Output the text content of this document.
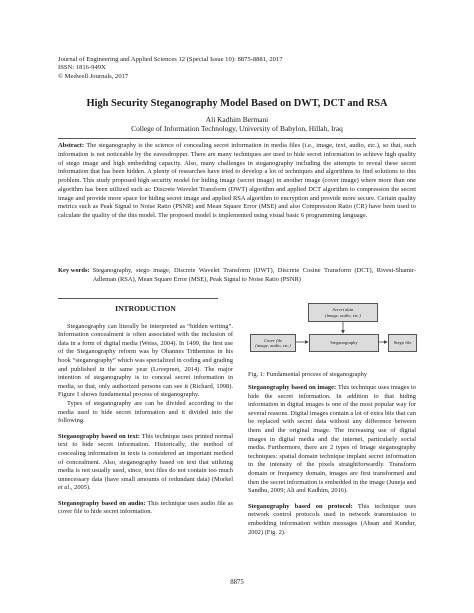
Journal of Engineering and Applied Sciences 12 (Special Issue 10): 8875-8881, 2017
ISSN: 1816-949X
© Medwell Journals, 2017
High Security Steganography Model Based on DWT, DCT and RSA
Ali Kadhim Bermani
College of Information Technology, University of Babylon, Hillah, Iraq
Abstract: The steganography is the science of concealing secret information in media files (i.e., image, text, audio, etc.), so that, such information is not noticeable by the eavesdropper. There are many techniques are used to hide secret information to achieve high quality of stego image and high embedding capacity. Also, many challenges in steganography including the attempts to reveal these secret information that has been hidden. A plenty of researches have tried to develop a lot of techniques and algorithms to find solutions to this problem. This study proposed high security model for hiding image (secret image) in another image (cover image) where more than one algorithm has been utilized such as: Discrete Wavelet Transform (DWT) algorithm and applied DCT algorithm to compression the secret image and provide more space for hiding secret image and applied RSA algorithm to encryption and provide more secure. Certain quality metrics such as Peak Signal to Noise Ratio (PSNR) and Mean Square Error (MSE) and also Compression Ratio (CR) have been used to calculate the quality of the this model. The proposed model is implemented using visual basic 6 programming language.
Key words: Steganography, stego image, Discrete Wavelet Transform (DWT), Discrete Cosine Transform (DCT), Rivest-Shamir-Adleman (RSA), Mean Square Error (MSE), Peak Signal to Noise Ratio (PSNR)
INTRODUCTION

Steganography can literally be interpreted as “hidden writing”. Information concealment is often associated with the inclusion of data in a form of digital media (Weiss, 2004). In 1499, the first use of the Steganography reform was by Ohannes Trithemius in his book “steganography” which was specialized in coding and grading and published in the same year (Lovepreet, 2014). The major intention of steganography is to conceal secret information in media, so that, only authorized persons can see it (Richard, 1998). Figure 1 shows fundamental process of steganography.

Types of steganography are can be divided according to the media used to hide secret information and it divided into the following.

Steganography based on text: This technique uses printed normal text to hide secret information. Historically, the method of concealing information in texts is considered an important method of concealment. Also, steganography based on text that utilizing media is not usually used, since, text files do not contain too much unnecessary data (have small amounts of redundant data) (Morkel et al., 2005).

Steganography based on audio: This technique uses audio file as cover file to hide secret information.

Secret data
(image, audio, etc.)
Cover file
(image, audio, etc.)
Steganography	Stego file
Fig. 1: Fundamental process of steganography

Steganography based on image: This technique uses images to hide the secret information. In addition to that hiding information in digital images is one of the most popular way for several reasons. Digital images contain a lot of extra bits that can be replaced with secret data without any difference between them and the original image. The increasing use of digital images in digital media and the internet, particularly social media. Furthermore, there are 2 types of Image steganography techniques: spatial domain technique implant secret information in the intensity of the pixels straightforwardly. Transform domain or frequency domain, images are first transformed and then the secret information is embedded in the image (Juneja and Sandhu, 2009; Ali and Kadhim, 2016).

Steganography based on protocol: This technique uses network control protocols used in network transmission to embedding information within messages (Ahsan and Kundur, 2002) (Fig. 2).

8875
